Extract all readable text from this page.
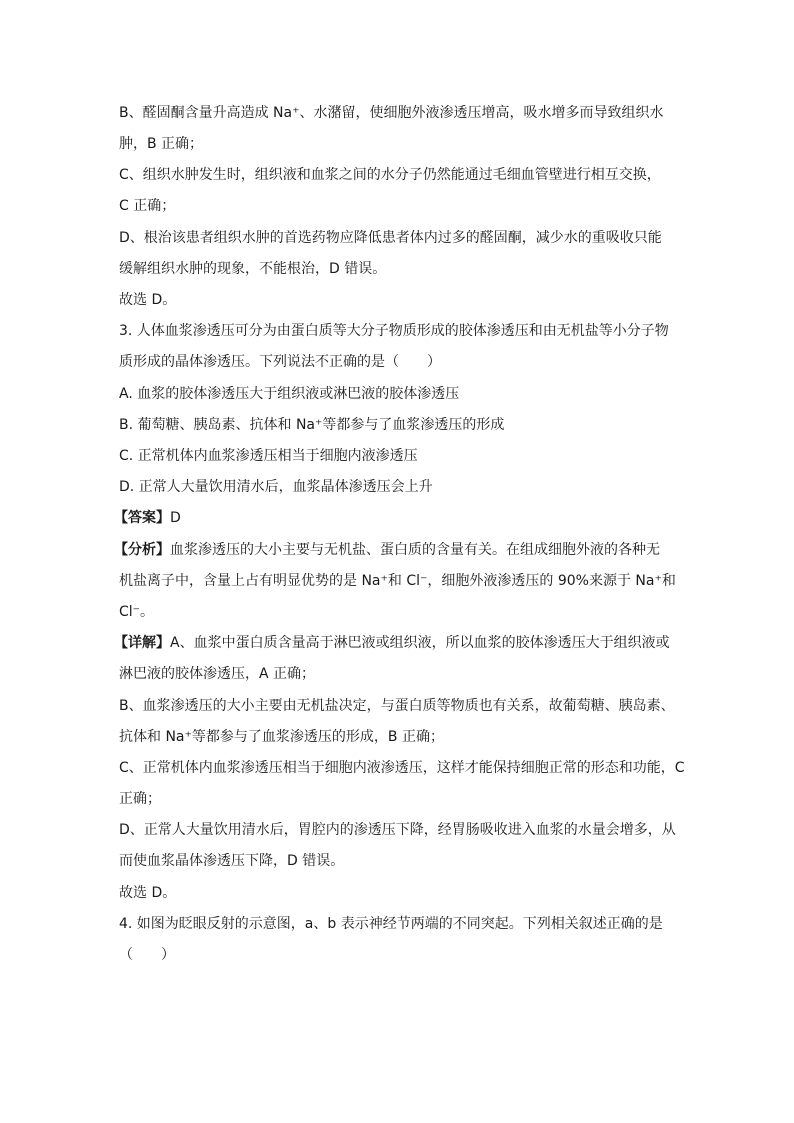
B、醛固酮含量升高造成 Na⁺、水潴留，使细胞外液渗透压增高，吸水增多而导致组织水
肿，B 正确；
C、组织水肿发生时，组织液和血浆之间的水分子仍然能通过毛细血管壁进行相互交换，
C 正确；
D、根治该患者组织水肿的首选药物应降低患者体内过多的醛固酮，减少水的重吸收只能
缓解组织水肿的现象，不能根治，D 错误。
故选 D。
3. 人体血浆渗透压可分为由蛋白质等大分子物质形成的胶体渗透压和由无机盐等小分子物
质形成的晶体渗透压。下列说法不正确的是（　　）
A. 血浆的胶体渗透压大于组织液或淋巴液的胶体渗透压
B. 葡萄糖、胰岛素、抗体和 Na⁺等都参与了血浆渗透压的形成
C. 正常机体内血浆渗透压相当于细胞内液渗透压
D. 正常人大量饮用清水后，血浆晶体渗透压会上升
【答案】D
【分析】血浆渗透压的大小主要与无机盐、蛋白质的含量有关。在组成细胞外液的各种无
机盐离子中，含量上占有明显优势的是 Na⁺和 Cl⁻，细胞外液渗透压的 90%来源于 Na⁺和
Cl⁻。
【详解】A、血浆中蛋白质含量高于淋巴液或组织液，所以血浆的胶体渗透压大于组织液或
淋巴液的胶体渗透压，A 正确；
B、血浆渗透压的大小主要由无机盐决定，与蛋白质等物质也有关系，故葡萄糖、胰岛素、
抗体和 Na⁺等都参与了血浆渗透压的形成，B 正确；
C、正常机体内血浆渗透压相当于细胞内液渗透压，这样才能保持细胞正常的形态和功能，C
正确；
D、正常人大量饮用清水后，胃腔内的渗透压下降，经胃肠吸收进入血浆的水量会增多，从
而使血浆晶体渗透压下降，D 错误。
故选 D。
4. 如图为眨眼反射的示意图，a、b 表示神经节两端的不同突起。下列相关叙述正确的是
（　　）
